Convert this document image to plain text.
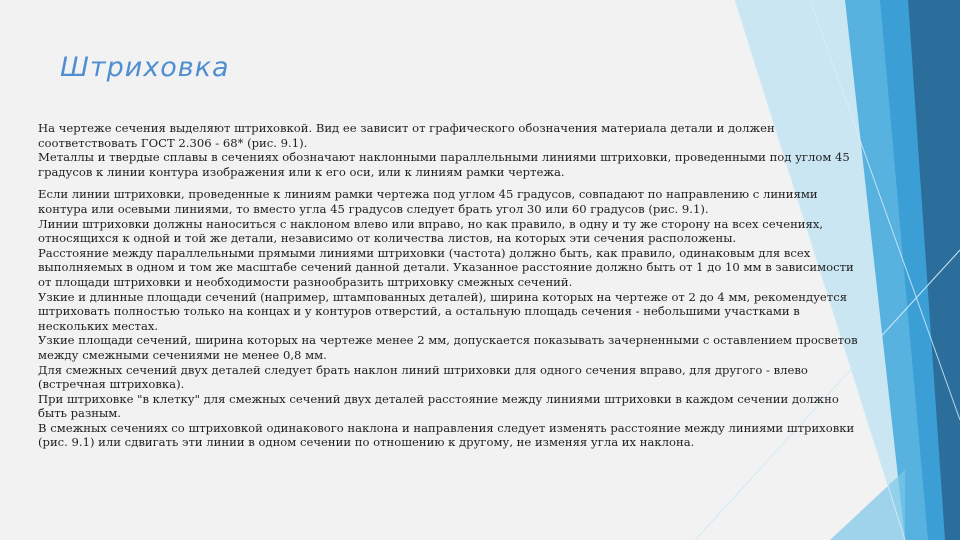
Штриховка

На чертеже сечения выделяют штриховкой. Вид ее зависит от графического обозначения материала детали и должен соответствовать ГОСТ 2.306 - 68* (рис. 9.1).

Металлы и твердые сплавы в сечениях обозначают наклонными параллельными линиями штриховки, проведенными под углом 45 градусов к линии контура изображения или к его оси, или к линиям рамки чертежа.

Если линии штриховки, проведенные к линиям рамки чертежа под углом 45 градусов, совпадают по направлению с линиями контура или осевыми линиями, то вместо угла 45 градусов следует брать угол 30 или 60 градусов (рис. 9.1).

Линии штриховки должны наноситься с наклоном влево или вправо, но как правило, в одну и ту же сторону на всех сечениях, относящихся к одной и той же детали, независимо от количества листов, на которых эти сечения расположены.

Расстояние между параллельными прямыми линиями штриховки (частота) должно быть, как правило, одинаковым для всех выполняемых в одном и том же масштабе сечений данной детали. Указанное расстояние должно быть от 1 до 10 мм в зависимости от площади штриховки и необходимости разнообразить штриховку смежных сечений.

Узкие и длинные площади сечений (например, штампованных деталей), ширина которых на чертеже от 2 до 4 мм, рекомендуется штриховать полностью только на концах и у контуров отверстий, а остальную площадь сечения - небольшими участками в нескольких местах.

Узкие площади сечений, ширина которых на чертеже менее 2 мм, допускается показывать зачерненными с оставлением просветов между смежными сечениями не менее 0,8 мм.

Для смежных сечений двух деталей следует брать наклон линий штриховки для одного сечения вправо, для другого - влево (встречная штриховка).

При штриховке "в клетку" для смежных сечений двух деталей расстояние между линиями штриховки в каждом сечении должно быть разным.

В смежных сечениях со штриховкой одинакового наклона и направления следует изменять расстояние между линиями штриховки (рис. 9.1) или сдвигать эти линии в одном сечении по отношению к другому, не изменяя угла их наклона.
